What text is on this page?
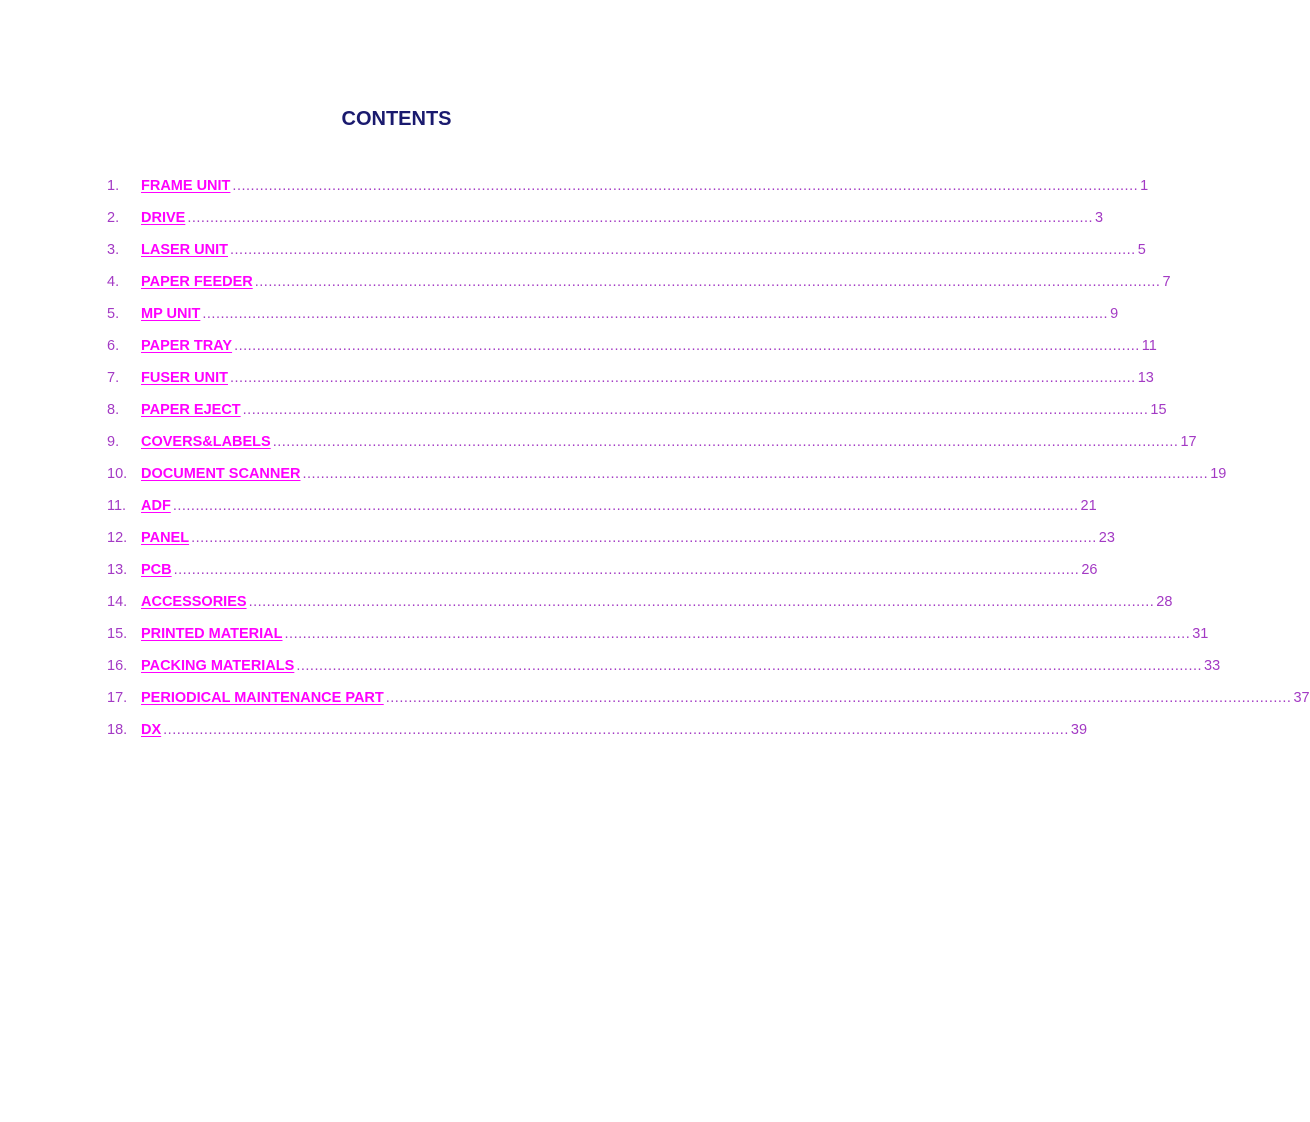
CONTENTS
1.	FRAME UNIT ........................................................................................................................................................................................................ 1
2.	DRIVE ........................................................................................................................................................................................................ 3
3.	LASER UNIT ........................................................................................................................................................................................................ 5
4.	PAPER FEEDER ........................................................................................................................................................................................................ 7
5.	MP UNIT ........................................................................................................................................................................................................ 9
6.	PAPER TRAY ........................................................................................................................................................................................................ 11
7.	FUSER UNIT ........................................................................................................................................................................................................ 13
8.	PAPER EJECT ........................................................................................................................................................................................................ 15
9.	COVERS&LABELS ........................................................................................................................................................................................................ 17
10. DOCUMENT SCANNER ........................................................................................................................................................................................................ 19
11.	ADF ........................................................................................................................................................................................................ 21
12. PANEL ........................................................................................................................................................................................................ 23
13. PCB ........................................................................................................................................................................................................ 26
14. ACCESSORIES ........................................................................................................................................................................................................ 28
15. PRINTED MATERIAL ........................................................................................................................................................................................................ 31
16. PACKING MATERIALS ........................................................................................................................................................................................................ 33
17. PERIODICAL MAINTENANCE PART ........................................................................................................................................................................................................ 37
18. DX ........................................................................................................................................................................................................ 39
